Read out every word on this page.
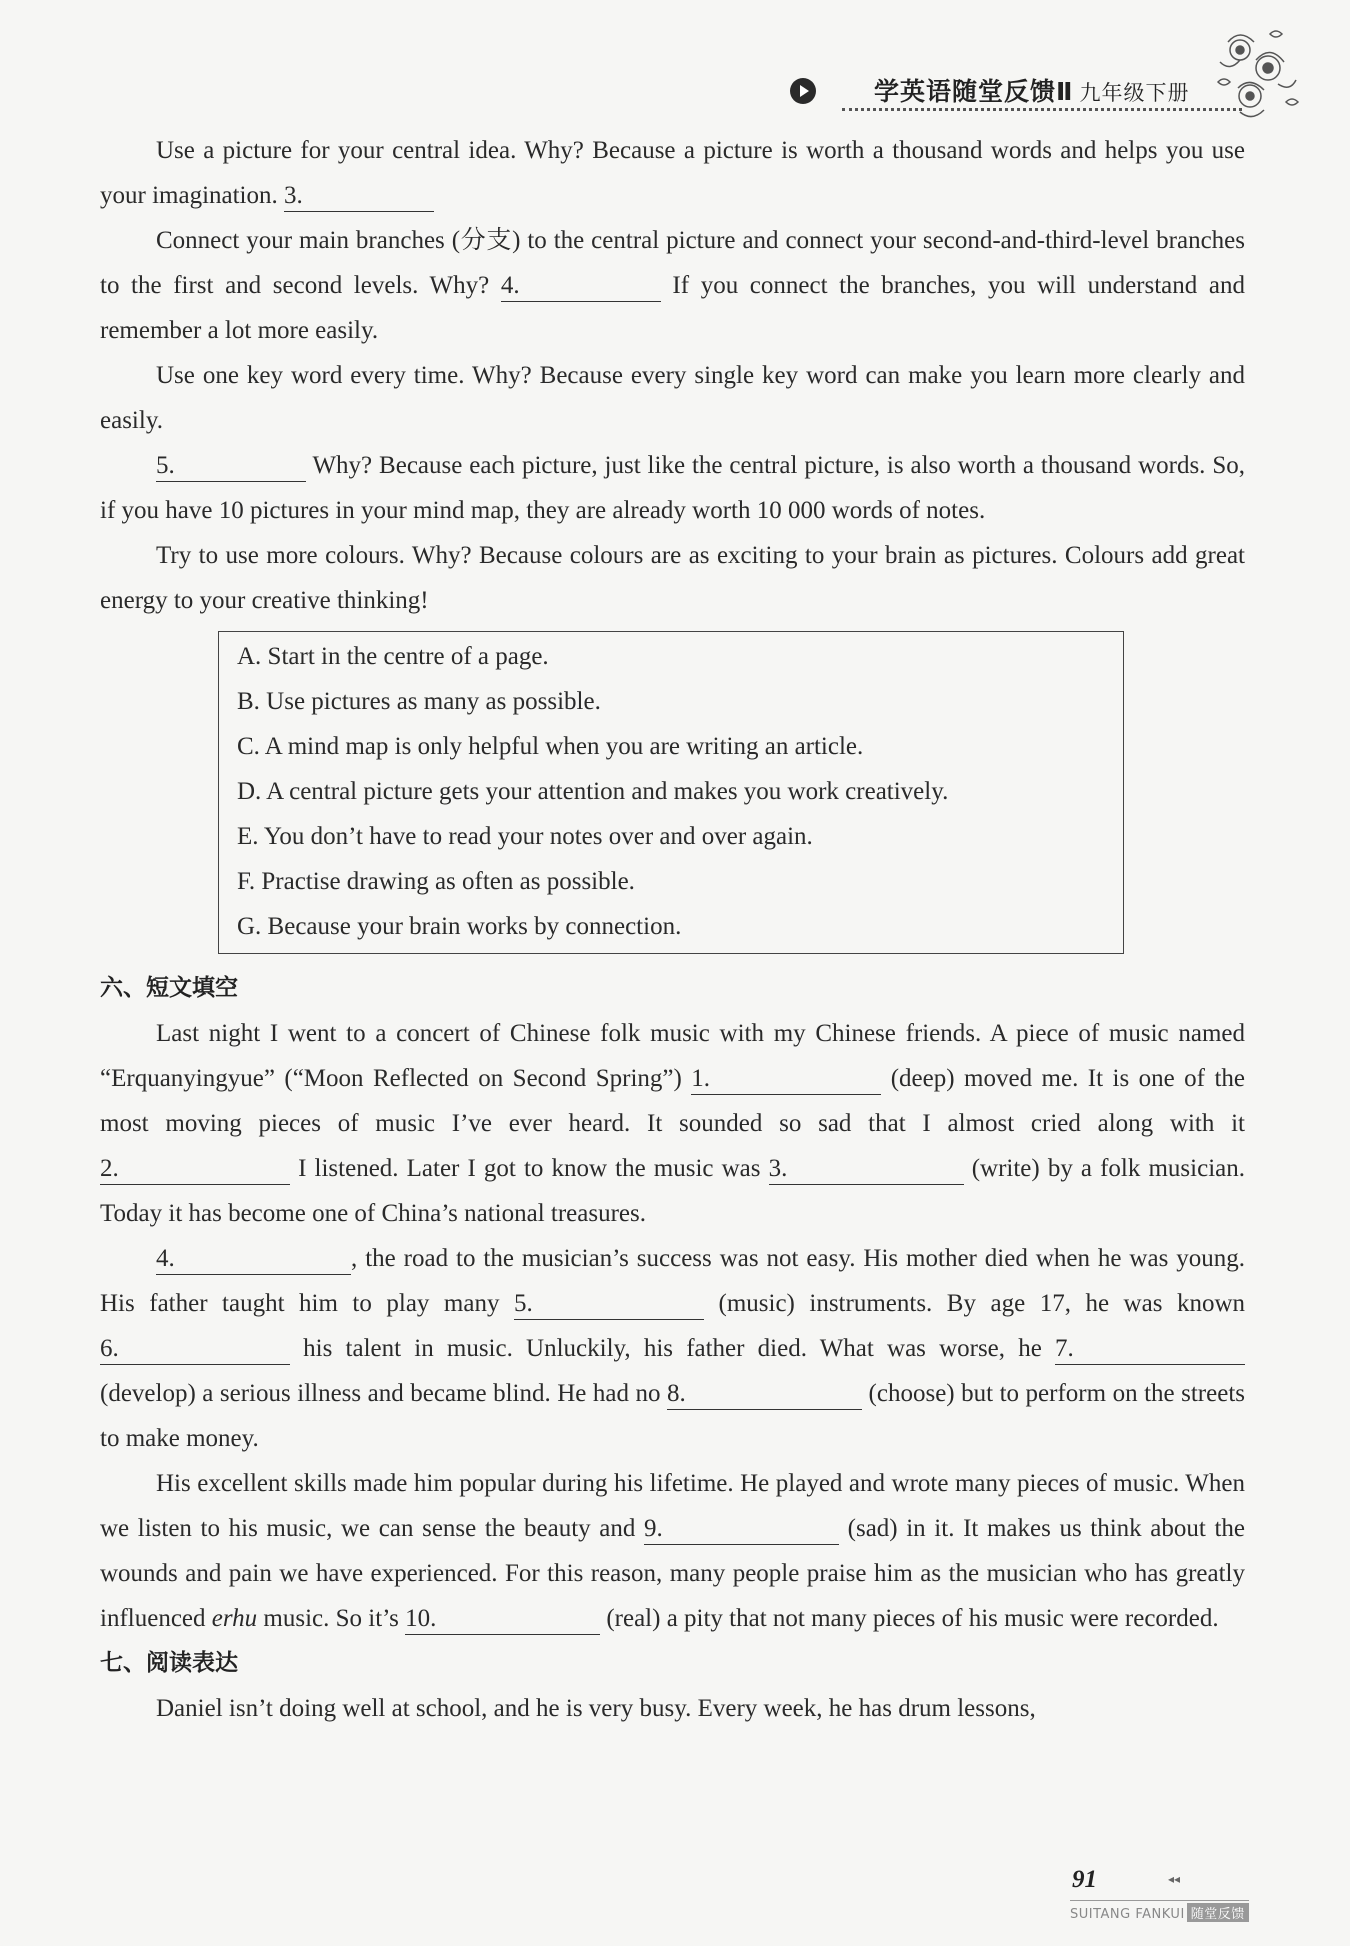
学英语随堂反馈Ⅱ 九年级下册

Use a picture for your central idea. Why? Because a picture is worth a thousand words and helps you use your imagination. 3.

Connect your main branches (分支) to the central picture and connect your second-and-third-level branches to the first and second levels. Why? 4.	If you connect the branches, you will understand and remember a lot more easily.

Use one key word every time. Why? Because every single key word can make you learn more clearly and easily.

5.	Why? Because each picture, just like the central picture, is also worth a thousand words. So, if you have 10 pictures in your mind map, they are already worth 10 000 words of notes.

Try to use more colours. Why? Because colours are as exciting to your brain as pictures. Colours add great energy to your creative thinking!

A. Start in the centre of a page.
B. Use pictures as many as possible.
C. A mind map is only helpful when you are writing an article.
D. A central picture gets your attention and makes you work creatively.
E. You don’t have to read your notes over and over again.
F. Practise drawing as often as possible.
G. Because your brain works by connection.
六、短文填空

Last night I went to a concert of Chinese folk music with my Chinese friends. A piece of music named “Erquanyingyue” (“Moon Reflected on Second Spring”) 1.	(deep) moved me. It is one of the most moving pieces of music I’ve ever heard. It sounded so sad that I almost cried along with it 2.	I listened. Later I got to know the music was 3.	(write) by a folk musician. Today it has become one of China’s national treasures.

4.	, the road to the musician’s success was not easy. His mother died when he was young. His father taught him to play many 5.	(music) instruments. By age 17, he was known 6.	his talent in music. Unluckily, his father died. What was worse, he 7. (develop) a serious illness and became blind. He had no 8.	(choose) but to perform on the streets to make money.

His excellent skills made him popular during his lifetime. He played and wrote many pieces of music. When we listen to his music, we can sense the beauty and 9.	(sad) in it. It makes us think about the wounds and pain we have experienced. For this reason, many people praise him as the musician who has greatly influenced erhu music. So it’s 10.	(real) a pity that not many pieces of his music were recorded.

七、阅读表达

Daniel isn’t doing well at school, and he is very busy. Every week, he has drum lessons,

91	◂◂
SUITANG FANKUI 随堂反馈
